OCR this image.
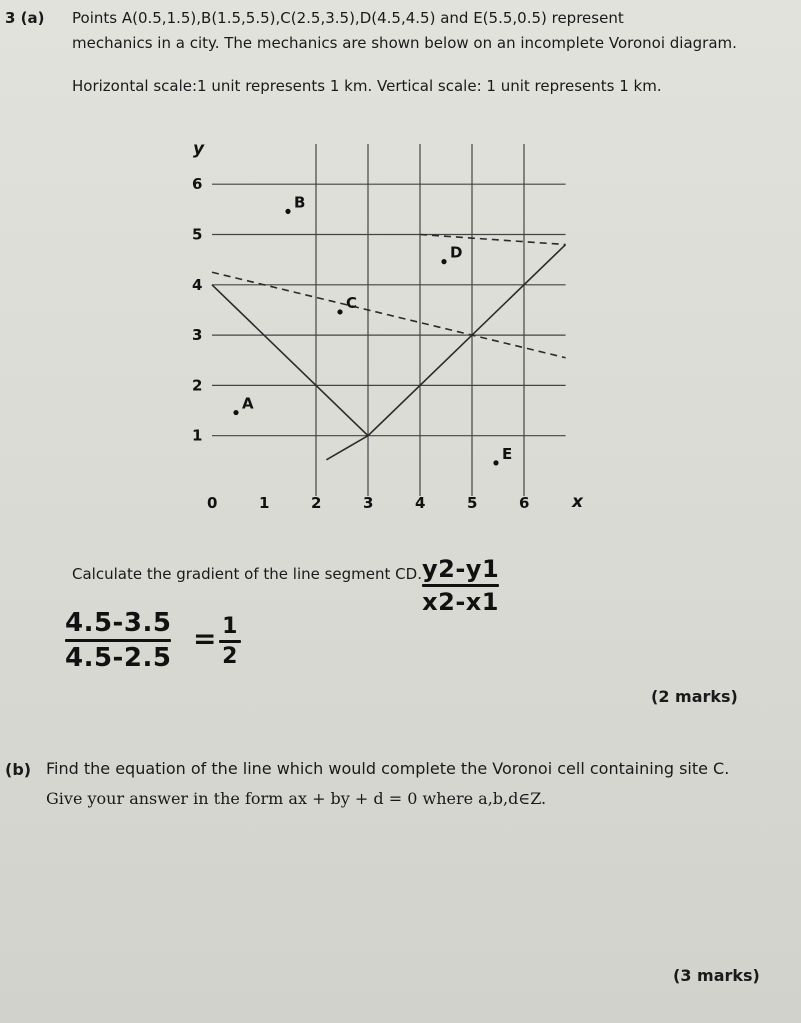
3 (a) Points A(0.5,1.5),B(1.5,5.5),C(2.5,3.5),D(4.5,4.5) and E(5.5,0.5) represent
mechanics in a city. The mechanics are shown below on an incomplete Voronoi diagram.
Horizontal scale:1 unit represents 1 km. Vertical scale: 1 unit represents 1 km.
0	1	2	3	4	5	6
1
2
3
4
5
6
A
B
C
D
E
x
y
Calculate the gradient of the line segment CD. y2-y1
x2-x1
4.5-3.5
4.5-2.5
= 1
2
(2 marks)
(b) Find the equation of the line which would complete the Voronoi cell containing site C.
Give your answer in the form ax + by + d = 0 where a,b,d∈Z.
(3 marks)
